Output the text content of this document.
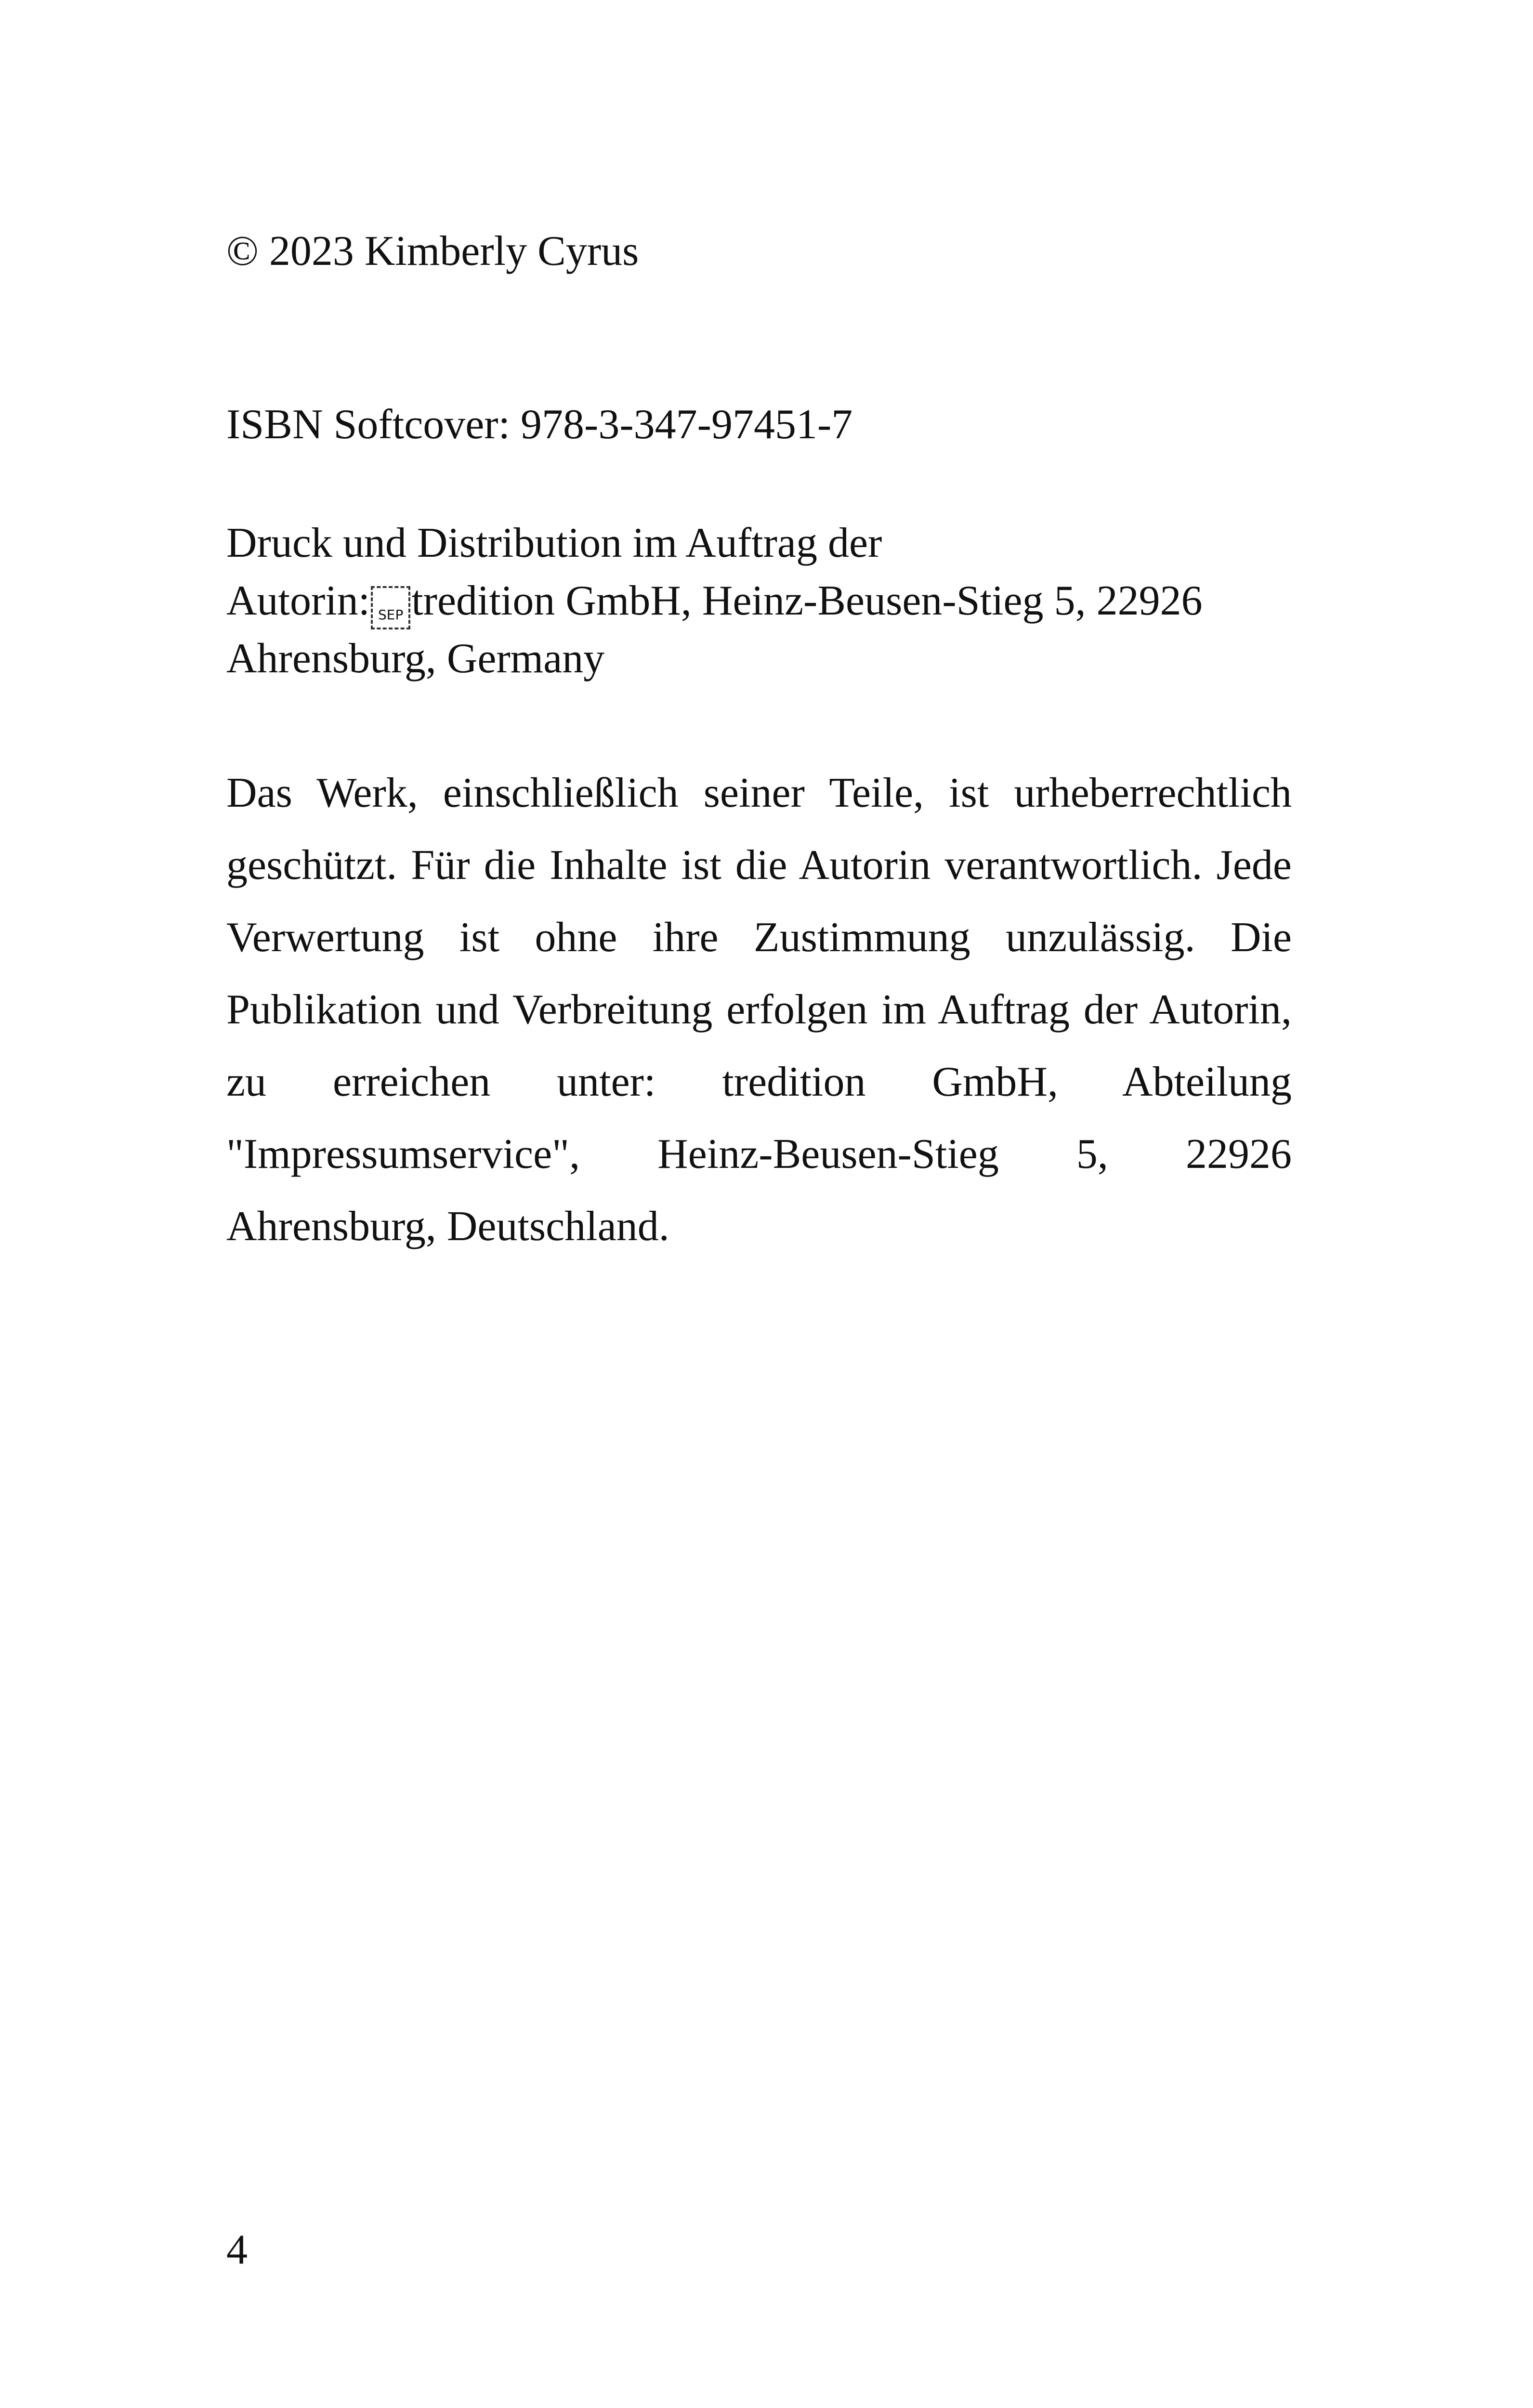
© 2023 Kimberly Cyrus

ISBN Softcover: 978-3-347-97451-7

Druck und Distribution im Auftrag der
Autorin: SEP tredition GmbH, Heinz-Beusen-Stieg 5, 22926
Ahrensburg, Germany

Das Werk, einschließlich seiner Teile, ist urheberrechtlich geschützt. Für die Inhalte ist die Autorin verantwortlich. Jede Verwertung ist ohne ihre Zustimmung unzulässig. Die Publikation und Verbreitung erfolgen im Auftrag der Autorin, zu erreichen unter: tredition GmbH, Abteilung "Impressumservice", Heinz-Beusen-Stieg 5, 22926 Ahrensburg, Deutschland.

4
